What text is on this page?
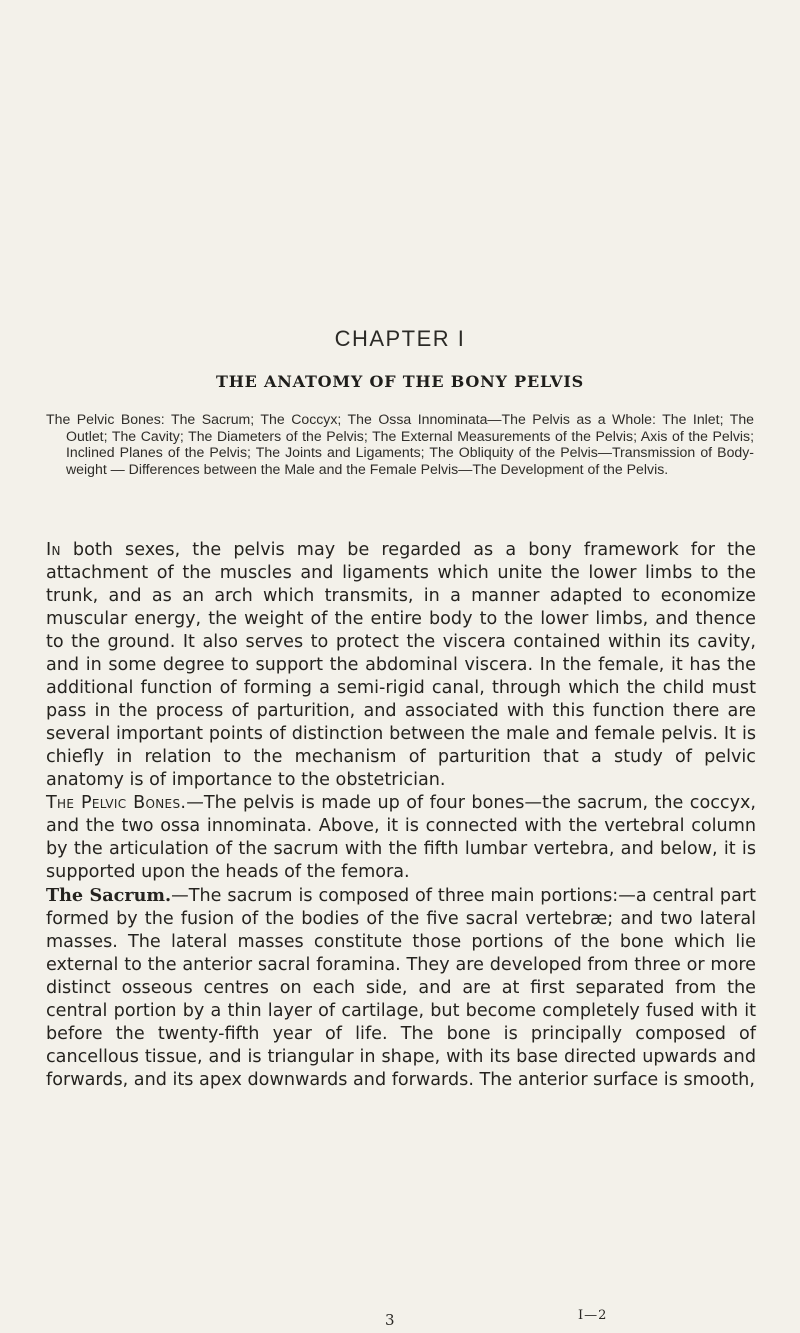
CHAPTER I
THE ANATOMY OF THE BONY PELVIS
The Pelvic Bones: The Sacrum; The Coccyx; The Ossa Innominata—The Pelvis as a Whole: The Inlet; The Outlet; The Cavity; The Diameters of the Pelvis; The External Measurements of the Pelvis; Axis of the Pelvis; Inclined Planes of the Pelvis; The Joints and Ligaments; The Obliquity of the Pelvis—Transmission of Body-weight — Differences between the Male and the Female Pelvis—The Development of the Pelvis.

In both sexes, the pelvis may be regarded as a bony framework for the attachment of the muscles and ligaments which unite the lower limbs to the trunk, and as an arch which transmits, in a manner adapted to economize muscular energy, the weight of the entire body to the lower limbs, and thence to the ground. It also serves to protect the viscera contained within its cavity, and in some degree to support the abdominal viscera. In the female, it has the additional function of forming a semi-rigid canal, through which the child must pass in the process of parturition, and associated with this function there are several important points of distinction between the male and female pelvis. It is chiefly in relation to the mechanism of parturition that a study of pelvic anatomy is of importance to the obstetrician.

The Pelvic Bones.—The pelvis is made up of four bones—the sacrum, the coccyx, and the two ossa innominata. Above, it is connected with the vertebral column by the articulation of the sacrum with the fifth lumbar vertebra, and below, it is supported upon the heads of the femora.

The Sacrum.—The sacrum is composed of three main portions:—a central part formed by the fusion of the bodies of the five sacral vertebræ; and two lateral masses. The lateral masses constitute those portions of the bone which lie external to the anterior sacral foramina. They are developed from three or more distinct osseous centres on each side, and are at first separated from the central portion by a thin layer of cartilage, but become completely fused with it before the twenty-fifth year of life. The bone is principally composed of cancellous tissue, and is triangular in shape, with its base directed upwards and forwards, and its apex downwards and forwards. The anterior surface is smooth,

3	I—2
